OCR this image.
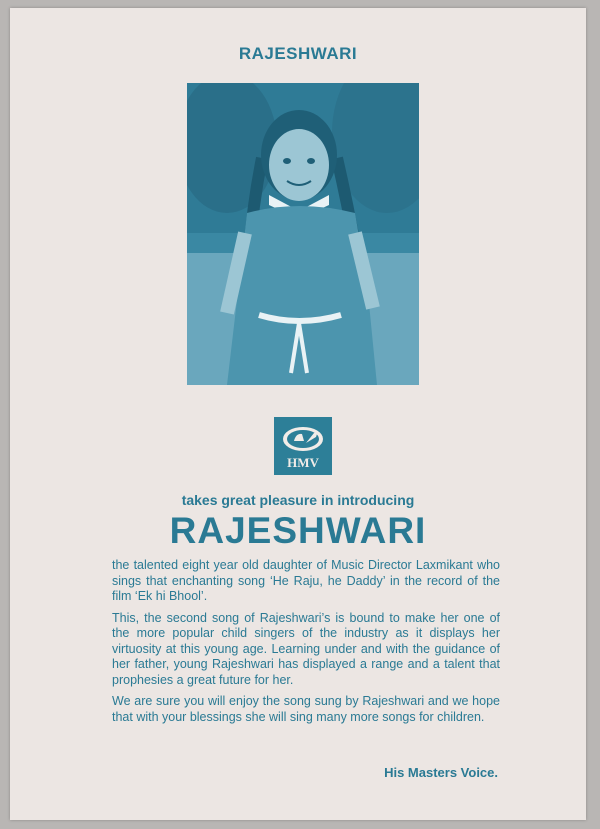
RAJESHWARI
HMV
takes great pleasure in introducing
RAJESHWARI

the talented eight year old daughter of Music Director Laxmikant who sings that enchanting song ‘He Raju, he Daddy’ in the record of the film ‘Ek hi Bhool’.

This, the second song of Rajeshwari’s is bound to make her one of the more popular child singers of the industry as it displays her virtuosity at this young age. Learning under and with the guidance of her father, young Rajeshwari has displayed a range and a talent that prophesies a great future for her.

We are sure you will enjoy the song sung by Rajeshwari and we hope that with your blessings she will sing many more songs for children.

His Masters Voice.
